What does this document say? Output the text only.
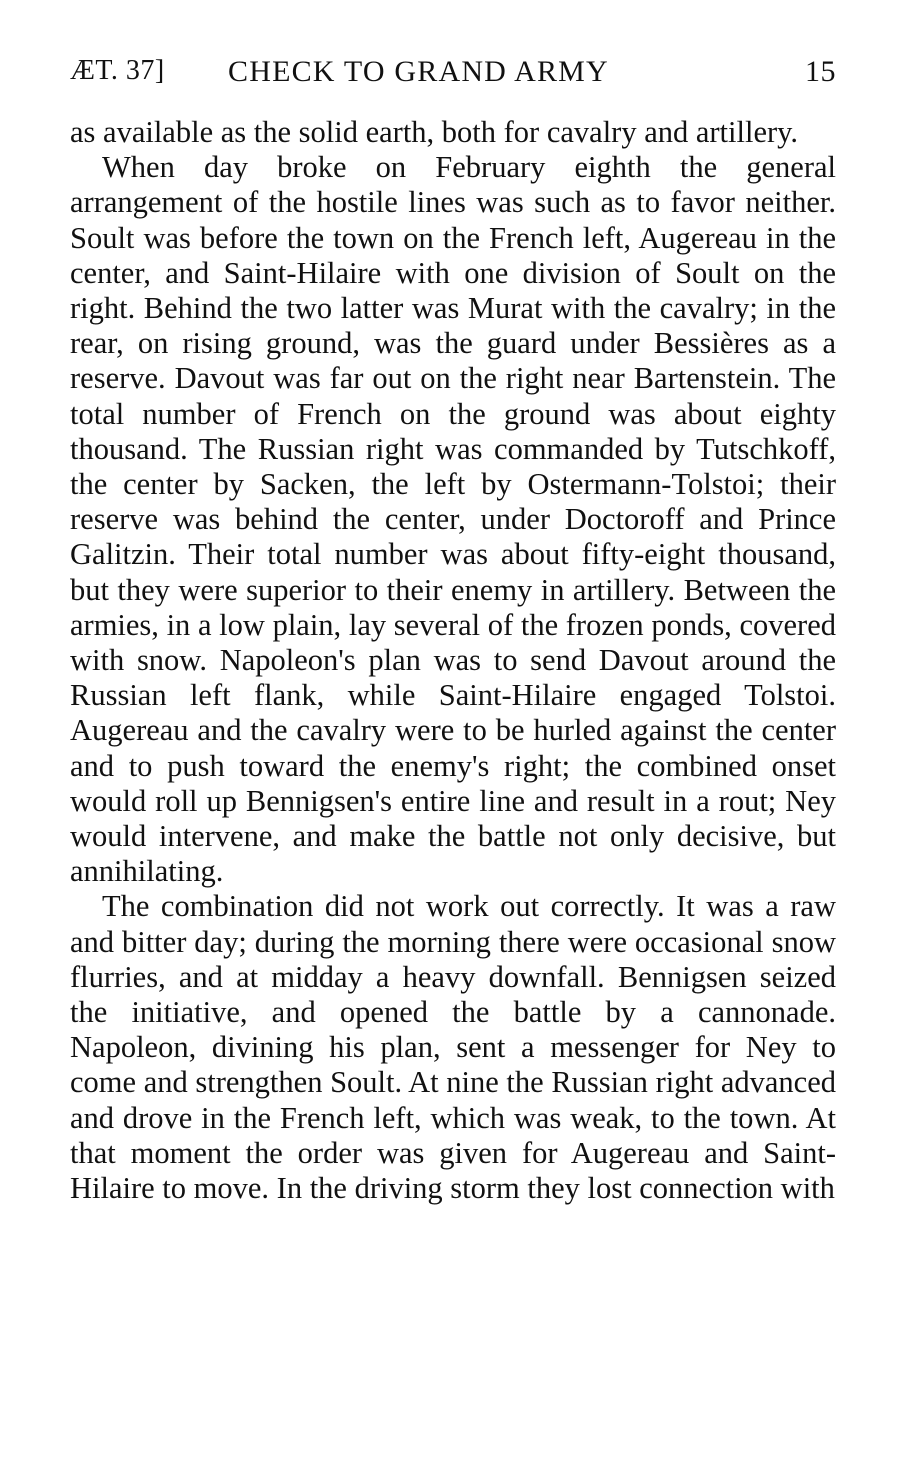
ÆT. 37] CHECK TO GRAND ARMY	15

as available as the solid earth, both for cavalry and artillery.

When day broke on February eighth the general arrangement of the hostile lines was such as to favor neither. Soult was before the town on the French left, Augereau in the center, and Saint-Hilaire with one division of Soult on the right. Behind the two latter was Murat with the cavalry; in the rear, on rising ground, was the guard under Bessières as a reserve. Davout was far out on the right near Bartenstein. The total number of French on the ground was about eighty thousand. The Russian right was commanded by Tutschkoff, the center by Sacken, the left by Ostermann-Tolstoi; their reserve was behind the center, under Doctoroff and Prince Galitzin. Their total number was about fifty-eight thousand, but they were superior to their enemy in artillery. Between the armies, in a low plain, lay several of the frozen ponds, covered with snow. Napoleon's plan was to send Davout around the Russian left flank, while Saint-Hilaire engaged Tolstoi. Augereau and the cavalry were to be hurled against the center and to push toward the enemy's right; the combined onset would roll up Bennigsen's entire line and result in a rout; Ney would intervene, and make the battle not only decisive, but annihilating.

The combination did not work out correctly. It was a raw and bitter day; during the morning there were occasional snow flurries, and at midday a heavy downfall. Bennigsen seized the initiative, and opened the battle by a cannonade. Napoleon, divining his plan, sent a messenger for Ney to come and strengthen Soult. At nine the Russian right advanced and drove in the French left, which was weak, to the town. At that moment the order was given for Augereau and Saint-Hilaire to move. In the driving storm they lost connection with
